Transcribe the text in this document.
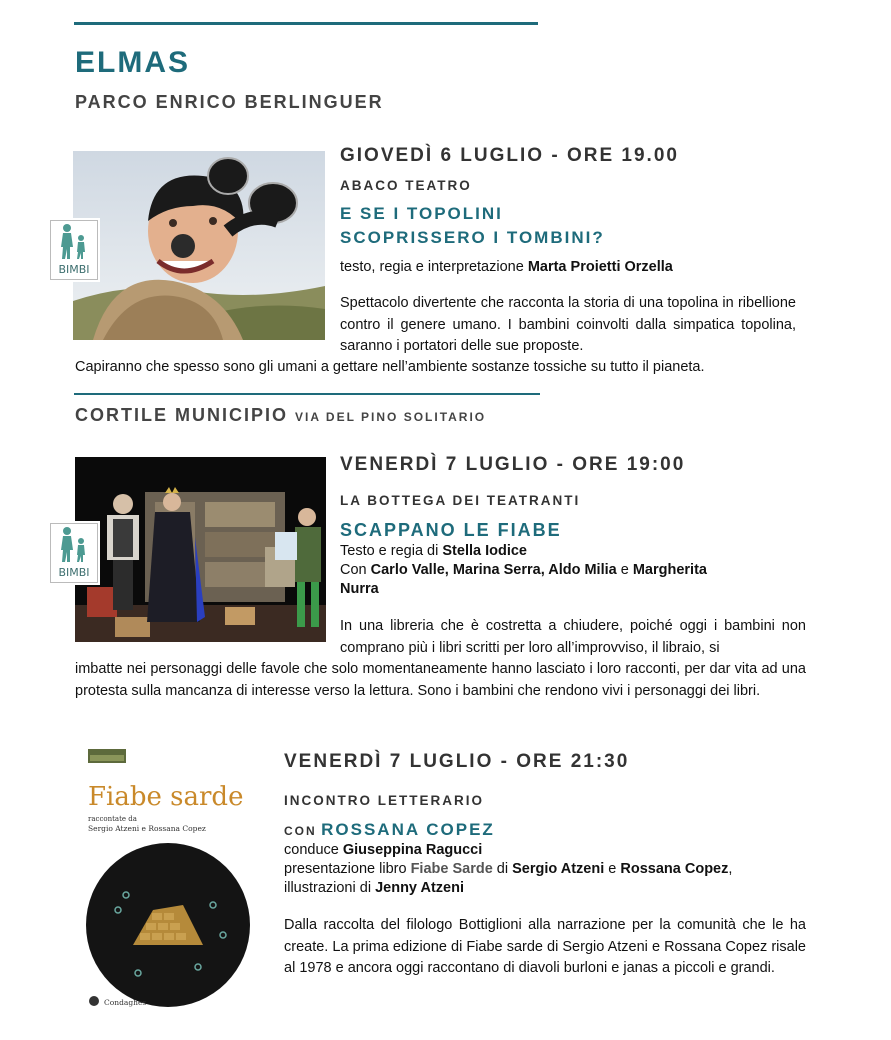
ELMAS
PARCO ENRICO BERLINGUER
BIMBI
GIOVEDÌ 6 LUGLIO - ORE 19.00
ABACO TEATRO
E SE I TOPOLINI
SCOPRISSERO I TOMBINI?
testo, regia e interpretazione Marta Proietti Orzella
Spettacolo divertente che racconta la storia di una topolina in ribellione contro il genere umano. I bambini coinvolti dalla simpatica topolina, saranno i portatori delle sue proposte.
Capiranno che spesso sono gli umani a gettare nell’ambiente sostanze tossiche su tutto il pianeta.
CORTILE MUNICIPIO VIA DEL PINO SOLITARIO
BIMBI
VENERDÌ 7 LUGLIO - ORE 19:00
LA BOTTEGA DEI TEATRANTI
SCAPPANO LE FIABE
Testo e regia di Stella Iodice
Con Carlo Valle, Marina Serra, Aldo Milia e Margherita
Nurra
In una libreria che è costretta a chiudere, poiché oggi i bambini non comprano più i libri scritti per loro all’improvviso, il libraio, si
imbatte nei personaggi delle favole che solo momentaneamente hanno lasciato i loro racconti, per dar vita ad una protesta sulla mancanza di interesse verso la lettura. Sono i bambini che rendono vivi i personaggi dei libri.
Fiabe sarde
raccontate da
Sergio Atzeni e Rossana Copez
Condaghes
VENERDÌ 7 LUGLIO - ORE 21:30
INCONTRO LETTERARIO
CON ROSSANA COPEZ
conduce Giuseppina Ragucci
presentazione libro Fiabe Sarde di Sergio Atzeni e Rossana Copez,
illustrazioni di Jenny Atzeni
Dalla raccolta del filologo Bottiglioni alla narrazione per la comunità che le ha create. La prima edizione di Fiabe sarde di Sergio Atzeni e Rossana Copez risale al 1978 e ancora oggi raccontano di diavoli burloni e janas a piccoli e grandi.
